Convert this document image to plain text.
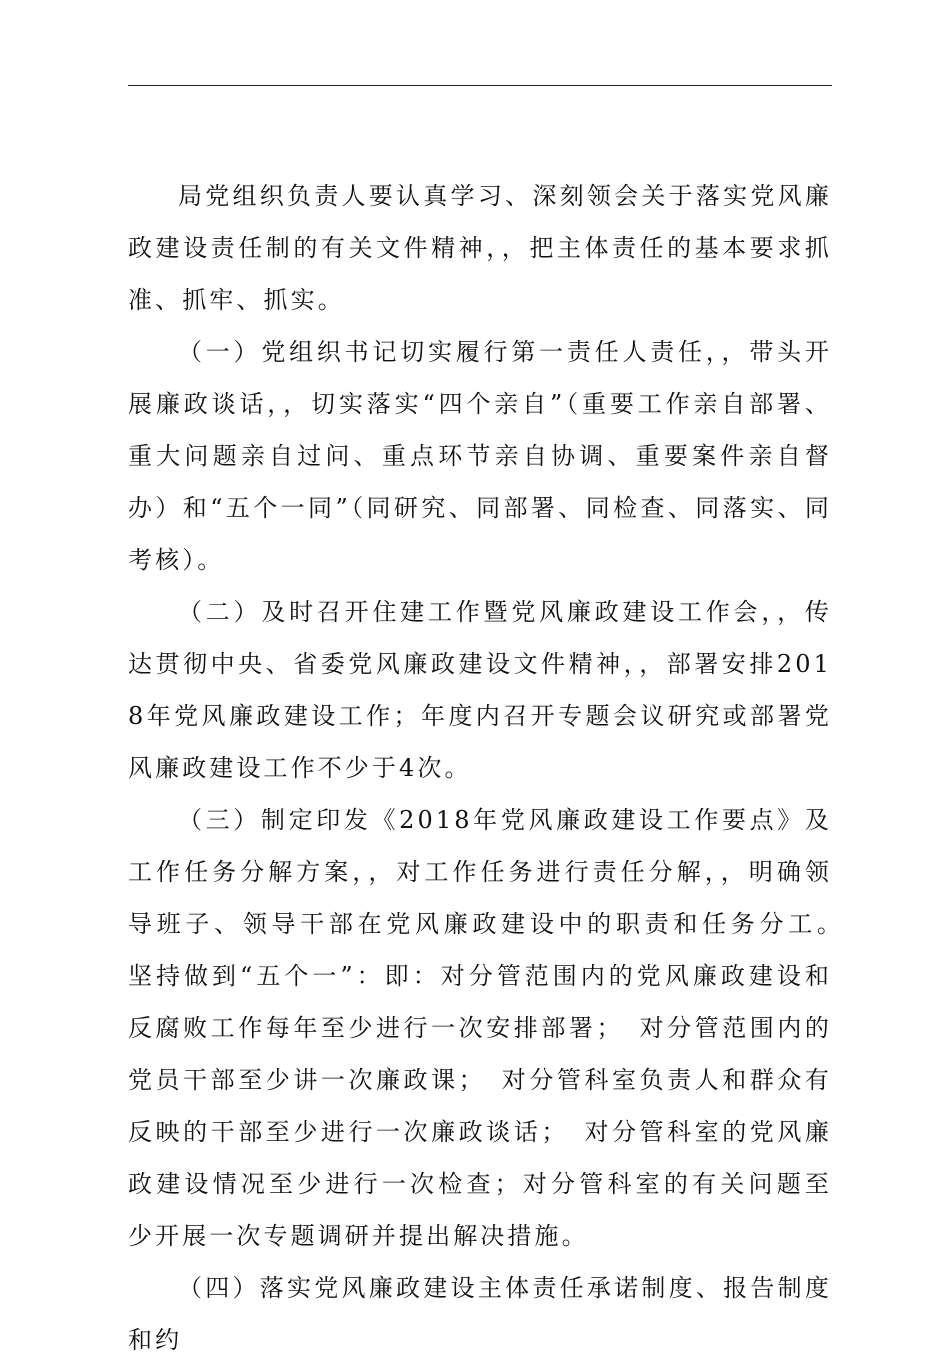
局党组织负责人要认真学习、深刻领会关于落实党风廉政建设责任制的有关文件精神，，把主体责任的基本要求抓准、抓牢、抓实。

（一）党组织书记切实履行第一责任人责任，，带头开展廉政谈话，，切实落实“四个亲自”（重要工作亲自部署、重大问题亲自过问、重点环节亲自协调、重要案件亲自督办）和“五个一同”（同研究、同部署、同检查、同落实、同考核）。

（二）及时召开住建工作暨党风廉政建设工作会，，传达贯彻中央、省委党风廉政建设文件精神，，部署安排2018年党风廉政建设工作；年度内召开专题会议研究或部署党风廉政建设工作不少于4次。

（三）制定印发《2018年党风廉政建设工作要点》及工作任务分解方案，，对工作任务进行责任分解，，明确领导班子、领导干部在党风廉政建设中的职责和任务分工。　　坚持做到“五个一”：即：对分管范围内的党风廉政建设和反腐败工作每年至少进行一次安排部署；　对分管范围内的党员干部至少讲一次廉政课；　对分管科室负责人和群众有反映的干部至少进行一次廉政谈话；　对分管科室的党风廉政建设情况至少进行一次检查；对分管科室的有关问题至少开展一次专题调研并提出解决措施。

（四）落实党风廉政建设主体责任承诺制度、报告制度和约
